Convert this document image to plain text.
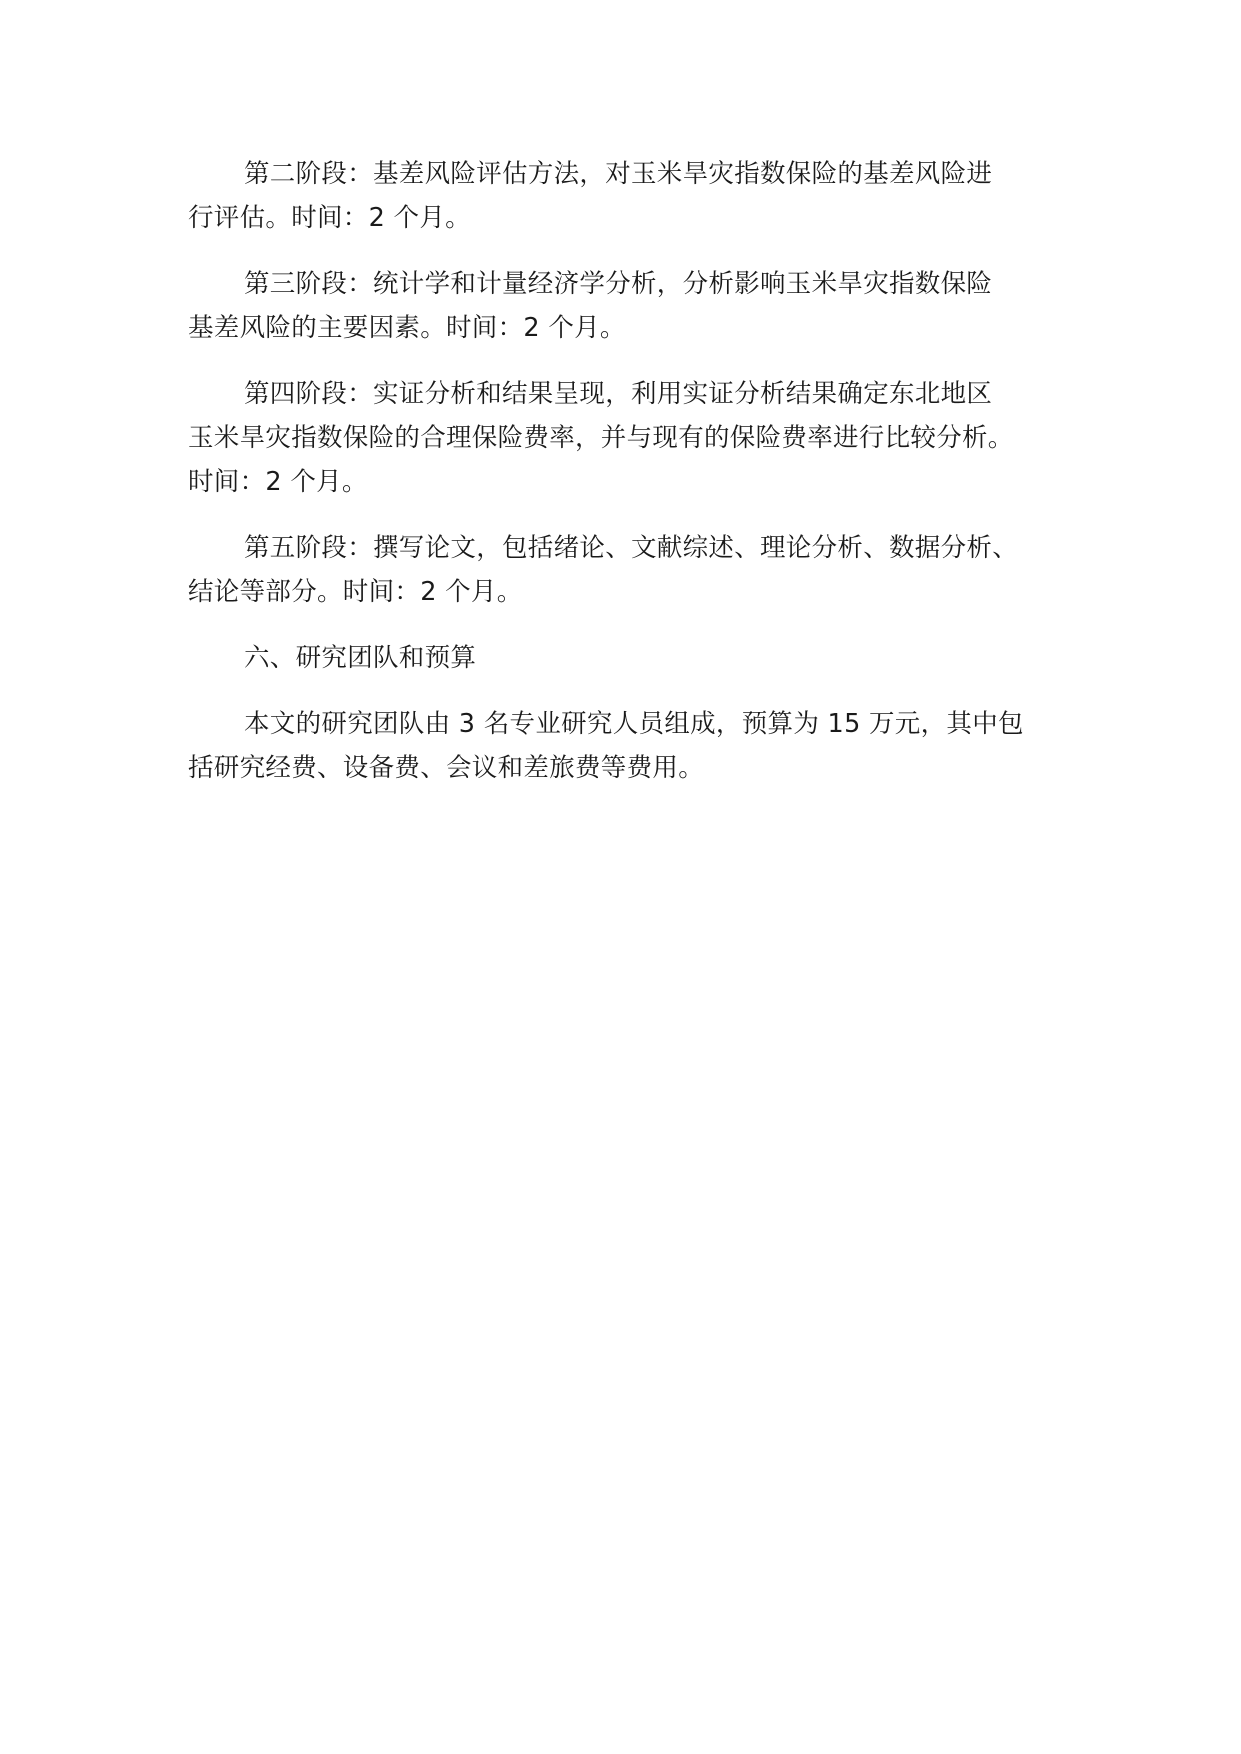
第二阶段：基差风险评估方法，对玉米旱灾指数保险的基差风险进
行评估。时间：2 个月。

第三阶段：统计学和计量经济学分析，分析影响玉米旱灾指数保险
基差风险的主要因素。时间：2 个月。

第四阶段：实证分析和结果呈现，利用实证分析结果确定东北地区
玉米旱灾指数保险的合理保险费率，并与现有的保险费率进行比较分析。
时间：2 个月。

第五阶段：撰写论文，包括绪论、文献综述、理论分析、数据分析、
结论等部分。时间：2 个月。

六、研究团队和预算

本文的研究团队由 3 名专业研究人员组成，预算为 15 万元，其中包
括研究经费、设备费、会议和差旅费等费用。
